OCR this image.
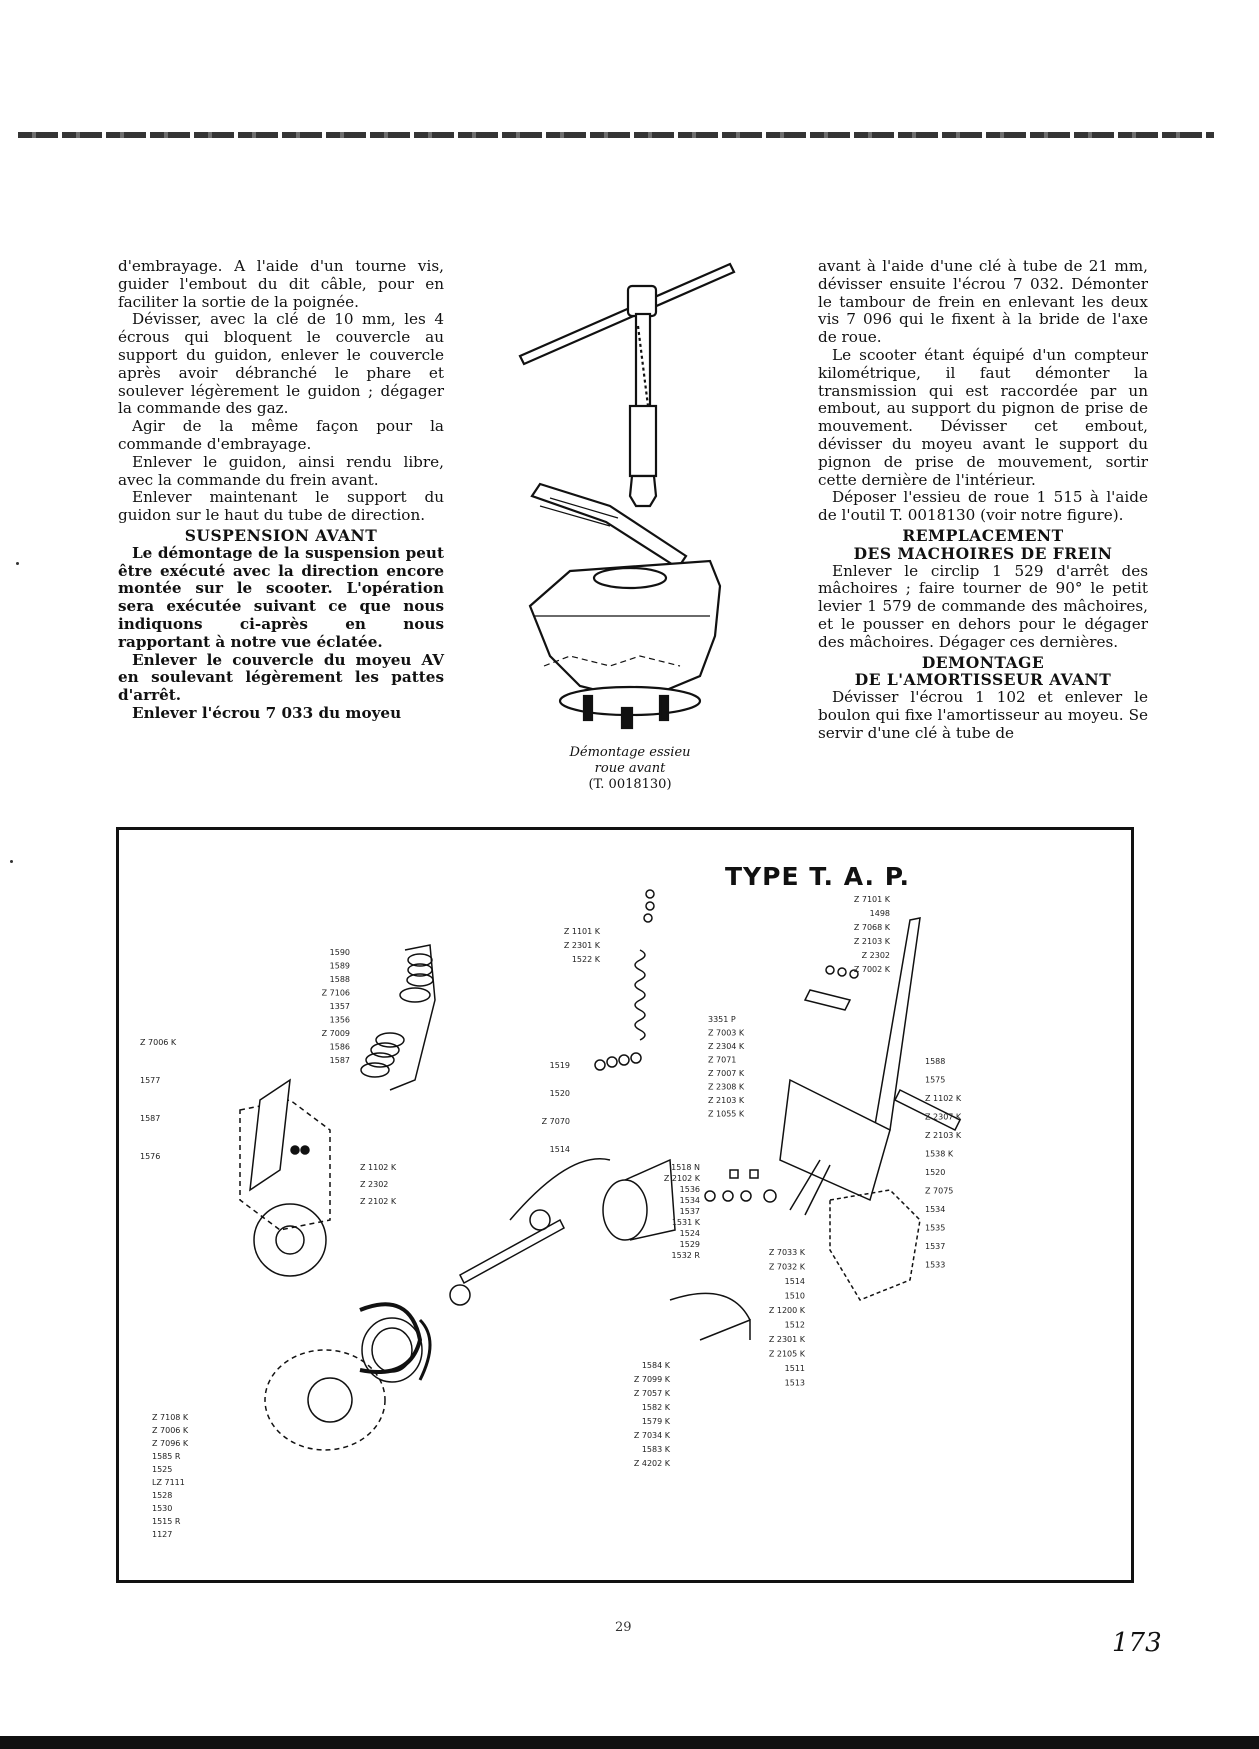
d'embrayage. A l'aide d'un tourne vis, guider l'embout du dit câble, pour en faciliter la sortie de la poignée.

Dévisser, avec la clé de 10 mm, les 4 écrous qui bloquent le couvercle au support du guidon, enlever le couvercle après avoir débranché le phare et soulever légèrement le guidon ; dégager la commande des gaz.

Agir de la même façon pour la commande d'embrayage.

Enlever le guidon, ainsi rendu libre, avec la commande du frein avant.

Enlever maintenant le support du guidon sur le haut du tube de direction.

SUSPENSION AVANT

Le démontage de la suspension peut être exécuté avec la direction encore montée sur le scooter. L'opération sera exécutée suivant ce que nous indiquons ci-après en nous rapportant à notre vue éclatée.

Enlever le couvercle du moyeu AV en soulevant légèrement les pattes d'arrêt.

Enlever l'écrou 7 033 du moyeu

Démontage essieu
roue avant
(T. 0018130)

avant à l'aide d'une clé à tube de 21 mm, dévisser ensuite l'écrou 7 032. Démonter le tambour de frein en enlevant les deux vis 7 096 qui le fixent à la bride de l'axe de roue.

Le scooter étant équipé d'un compteur kilométrique, il faut démonter la transmission qui est raccordée par un embout, au support du pignon de prise de mouvement. Dévisser cet embout, dévisser du moyeu avant le support du pignon de prise de mouvement, sortir cette dernière de l'intérieur.

Déposer l'essieu de roue 1 515 à l'aide de l'outil T. 0018130 (voir notre figure).

REMPLACEMENT
DES MACHOIRES DE FREIN

Enlever le circlip 1 529 d'arrêt des mâchoires ; faire tourner de 90° le petit levier 1 579 de commande des mâchoires, et le pousser en dehors pour le dégager des mâchoires. Dégager ces dernières.

DEMONTAGE
DE L'AMORTISSEUR AVANT

Dévisser l'écrou 1 102 et enlever le boulon qui fixe l'amortisseur au moyeu. Se servir d'une clé à tube de

TYPE T. A. P.
1590
1589
1588
Z 7106
1357
1356
Z 7009
1586
1587
Z 7006 K
1577
1587
1576
Z 1102 K
Z 2302
Z 2102 K
Z 1101 K
Z 2301 K
1522 K
3351 P
Z 7003 K
Z 2304 K
Z 7071
Z 7007 K
Z 2308 K
Z 2103 K
Z 1055 K
1519
1520
Z 7070
1514
Z 7101 K
1498
Z 7068 K
Z 2103 K
Z 2302
Z 7002 K
1518 N
Z 2102 K
1536
1534
1537
1531 K
1524
1529
1532 R
1588
1575
Z 1102 K
Z 2307 K
Z 2103 K
1538 K
1520
Z 7075
1534
1535
1537
1533
Z 7033 K
Z 7032 K
1514
1510
Z 1200 K
1512
Z 2301 K
Z 2105 K
1511
1513
1584 K
Z 7099 K
Z 7057 K
1582 K
1579 K
Z 7034 K
1583 K
Z 4202 K
Z 7108 K
Z 7006 K
Z 7096 K
1585 R
1525
LZ 7111
1528
1530
1515 R
1127
29
173
